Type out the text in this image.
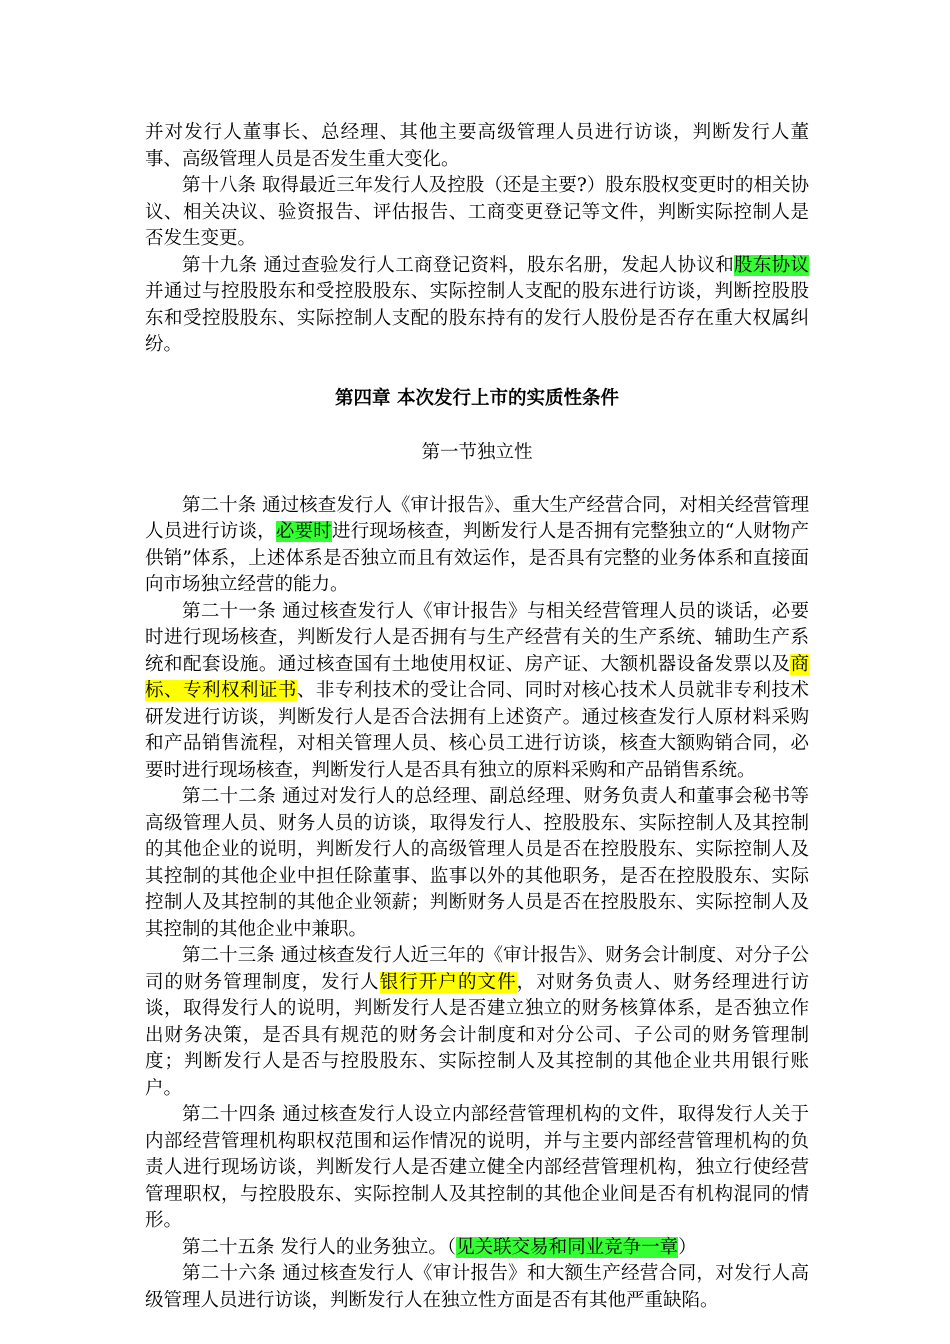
并对发行人董事长、总经理、其他主要高级管理人员进行访谈，判断发行人董事、高级管理人员是否发生重大变化。

第十八条 取得最近三年发行人及控股（还是主要?）股东股权变更时的相关协议、相关决议、验资报告、评估报告、工商变更登记等文件，判断实际控制人是否发生变更。

第十九条 通过查验发行人工商登记资料，股东名册，发起人协议和股东协议并通过与控股股东和受控股股东、实际控制人支配的股东进行访谈，判断控股股东和受控股股东、实际控制人支配的股东持有的发行人股份是否存在重大权属纠纷。

第四章 本次发行上市的实质性条件
第一节独立性

第二十条 通过核查发行人《审计报告》、重大生产经营合同，对相关经营管理人员进行访谈，必要时进行现场核查，判断发行人是否拥有完整独立的“人财物产供销”体系，上述体系是否独立而且有效运作，是否具有完整的业务体系和直接面向市场独立经营的能力。

第二十一条 通过核查发行人《审计报告》与相关经营管理人员的谈话，必要时进行现场核查，判断发行人是否拥有与生产经营有关的生产系统、辅助生产系统和配套设施。通过核查国有土地使用权证、房产证、大额机器设备发票以及商标、专利权利证书、非专利技术的受让合同、同时对核心技术人员就非专利技术研发进行访谈，判断发行人是否合法拥有上述资产。通过核查发行人原材料采购和产品销售流程，对相关管理人员、核心员工进行访谈，核查大额购销合同，必要时进行现场核查，判断发行人是否具有独立的原料采购和产品销售系统。

第二十二条 通过对发行人的总经理、副总经理、财务负责人和董事会秘书等高级管理人员、财务人员的访谈，取得发行人、控股股东、实际控制人及其控制的其他企业的说明，判断发行人的高级管理人员是否在控股股东、实际控制人及其控制的其他企业中担任除董事、监事以外的其他职务，是否在控股股东、实际控制人及其控制的其他企业领薪；判断财务人员是否在控股股东、实际控制人及其控制的其他企业中兼职。

第二十三条 通过核查发行人近三年的《审计报告》、财务会计制度、对分子公司的财务管理制度，发行人银行开户的文件，对财务负责人、财务经理进行访谈，取得发行人的说明，判断发行人是否建立独立的财务核算体系，是否独立作出财务决策，是否具有规范的财务会计制度和对分公司、子公司的财务管理制度；判断发行人是否与控股股东、实际控制人及其控制的其他企业共用银行账户。

第二十四条 通过核查发行人设立内部经营管理机构的文件，取得发行人关于内部经营管理机构职权范围和运作情况的说明，并与主要内部经营管理机构的负责人进行现场访谈，判断发行人是否建立健全内部经营管理机构，独立行使经营管理职权，与控股股东、实际控制人及其控制的其他企业间是否有机构混同的情形。

第二十五条 发行人的业务独立。（见关联交易和同业竞争一章）

第二十六条 通过核查发行人《审计报告》和大额生产经营合同，对发行人高级管理人员进行访谈，判断发行人在独立性方面是否有其他严重缺陷。
